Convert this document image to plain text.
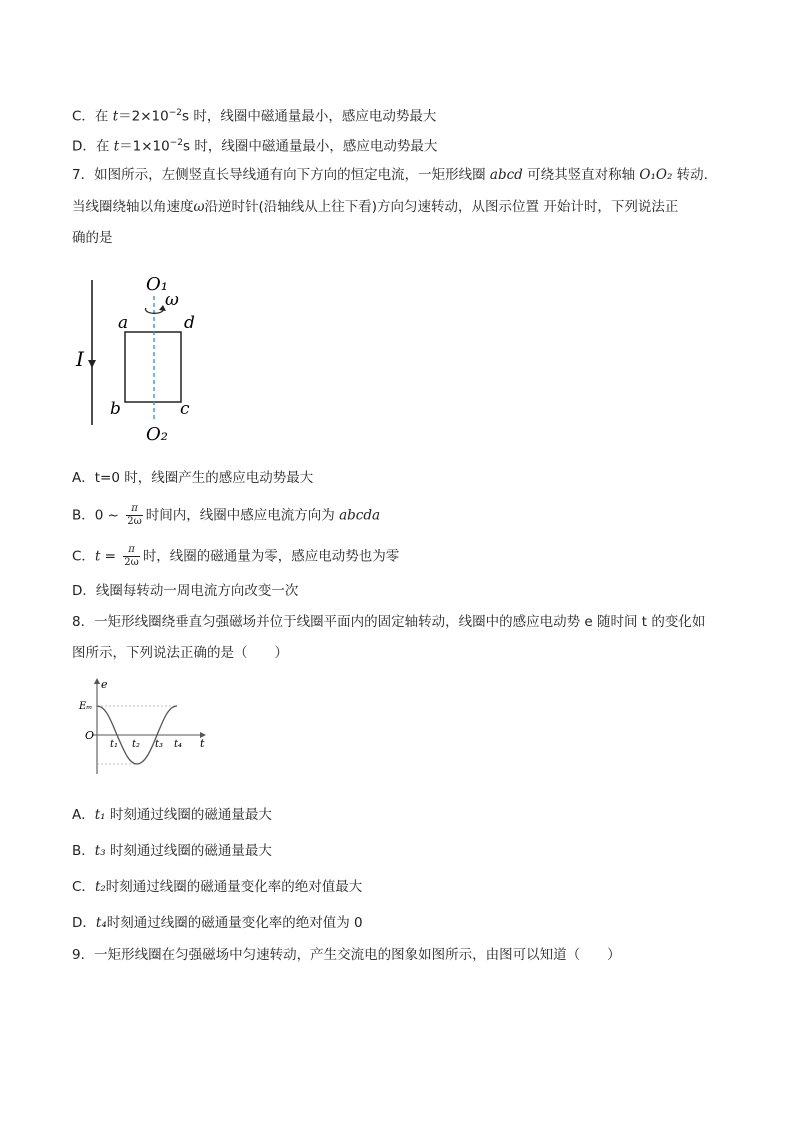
C．在 $t=2\times 10^{-2}s$ 时，线圈中磁通量最小，感应电动势最大
D．在 $t=1\times 10^{-2}s$ 时，线圈中磁通量最小，感应电动势最大
7．如图所示，左侧竖直长导线通有向下方向的恒定电流，一矩形线圈 abcd 可绕其竖直对称轴 O₁O₂ 转动.
当线圈绕轴以角速度ω沿逆时针(沿轴线从上往下看)方向匀速转动，从图示位置 开始计时，下列说法正
确的是
I
O₁
ω
a	d
b	c
O₂
A．t=0 时，线圈产生的感应电动势最大
B．0 ~ $\frac{\pi}{2\omega}$ 时间内，线圈中感应电流方向为 abcda
C．$t = \frac{\pi}{2\omega}$ 时，线圈的磁通量为零，感应电动势也为零
D．线圈每转动一周电流方向改变一次
8．一矩形线圈绕垂直匀强磁场并位于线圈平面内的固定轴转动，线圈中的感应电动势 e 随时间 t 的变化如
图所示，下列说法正确的是（　　）
e
Eₘ
O
t
t₁ t₂ t₃ t₄
A．t₁ 时刻通过线圈的磁通量最大
B．t₃ 时刻通过线圈的磁通量最大
C．t₂时刻通过线圈的磁通量变化率的绝对值最大
D．t₄时刻通过线圈的磁通量变化率的绝对值为 0
9．一矩形线圈在匀强磁场中匀速转动，产生交流电的图象如图所示，由图可以知道（　　）
